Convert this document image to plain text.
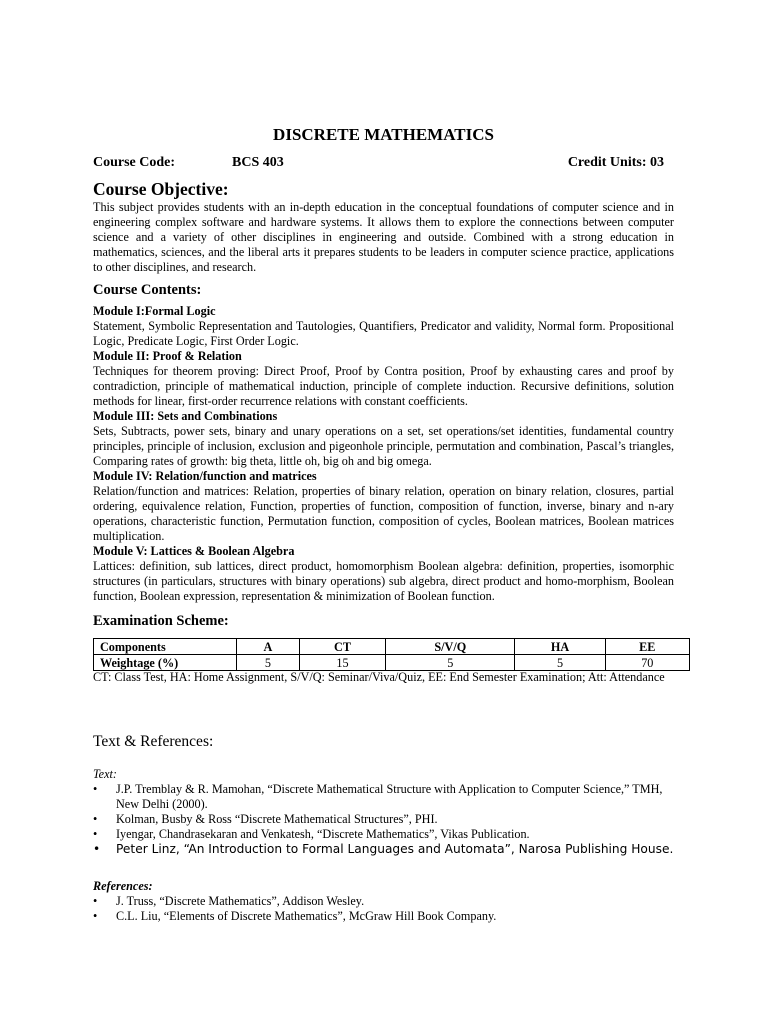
DISCRETE MATHEMATICS
Course Code:	BCS 403	Credit Units: 03
Course Objective:

This subject provides students with an in-depth education in the conceptual foundations of computer science and in engineering complex software and hardware systems. It allows them to explore the connections between computer science and a variety of other disciplines in engineering and outside. Combined with a strong education in mathematics, sciences, and the liberal arts it prepares students to be leaders in computer science practice, applications to other disciplines, and research.

Course Contents:

Module I:Formal Logic

Statement, Symbolic Representation and Tautologies, Quantifiers, Predicator and validity, Normal form. Propositional Logic, Predicate Logic, First Order Logic.

Module II: Proof & Relation

Techniques for theorem proving: Direct Proof, Proof by Contra position, Proof by exhausting cares and proof by contradiction, principle of mathematical induction, principle of complete induction. Recursive definitions, solution methods for linear, first-order recurrence relations with constant coefficients.

Module III: Sets and Combinations

Sets, Subtracts, power sets, binary and unary operations on a set, set operations/set identities, fundamental country principles, principle of inclusion, exclusion and pigeonhole principle, permutation and combination, Pascal’s triangles, Comparing rates of growth: big theta, little oh, big oh and big omega.

Module IV: Relation/function and matrices

Relation/function and matrices: Relation, properties of binary relation, operation on binary relation, closures, partial ordering, equivalence relation, Function, properties of function, composition of function, inverse, binary and n-ary operations, characteristic function, Permutation function, composition of cycles, Boolean matrices, Boolean matrices multiplication.

Module V: Lattices & Boolean Algebra

Lattices: definition, sub lattices, direct product, homomorphism Boolean algebra: definition, properties, isomorphic structures (in particulars, structures with binary operations) sub algebra, direct product and homo-morphism, Boolean function, Boolean expression, representation & minimization of Boolean function.

Examination Scheme:
Components	A	CT	S/V/Q	HA	EE
Weightage (%)	5	15	5	5	70

CT: Class Test, HA: Home Assignment, S/V/Q: Seminar/Viva/Quiz, EE: End Semester Examination; Att: Attendance

Text & References:
Text:
• J.P. Tremblay & R. Mamohan, “Discrete Mathematical Structure with Application to Computer Science,” TMH, New Delhi (2000).
• Kolman, Busby & Ross “Discrete Mathematical Structures”, PHI.
• Iyengar, Chandrasekaran and Venkatesh, “Discrete Mathematics”, Vikas Publication.
• Peter Linz, “An Introduction to Formal Languages and Automata”, Narosa Publishing House.
References:
• J. Truss, “Discrete Mathematics”, Addison Wesley.
• C.L. Liu, “Elements of Discrete Mathematics”, McGraw Hill Book Company.
